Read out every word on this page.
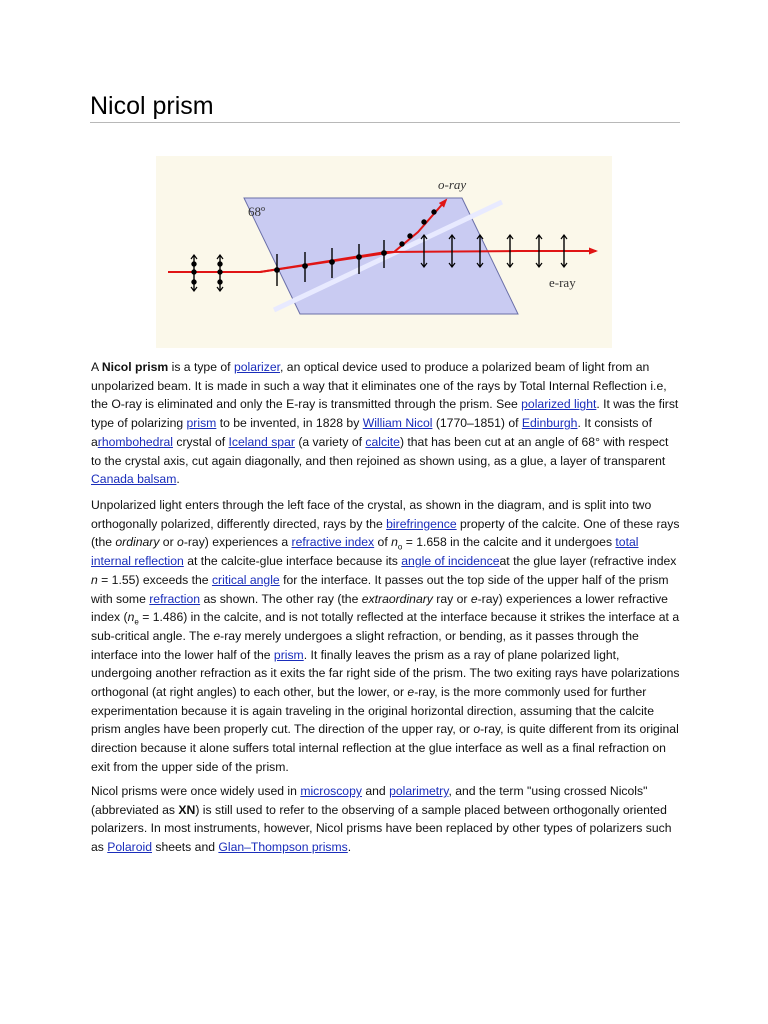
Nicol prism
68º
o-ray
e-ray

A Nicol prism is a type of polarizer, an optical device used to produce a polarized beam of light from an unpolarized beam. It is made in such a way that it eliminates one of the rays by Total Internal Reflection i.e, the O-ray is eliminated and only the E-ray is transmitted through the prism. See polarized light. It was the first type of polarizing prism to be invented, in 1828 by William Nicol (1770–1851) of Edinburgh. It consists of arhombohedral crystal of Iceland spar (a variety of calcite) that has been cut at an angle of 68° with respect to the crystal axis, cut again diagonally, and then rejoined as shown using, as a glue, a layer of transparent Canada balsam.

Unpolarized light enters through the left face of the crystal, as shown in the diagram, and is split into two orthogonally polarized, differently directed, rays by the birefringence property of the calcite. One of these rays (the ordinary or o-ray) experiences a refractive index of $n_o = 1.658$ in the calcite and it undergoes total internal reflection at the calcite-glue interface because its angle of incidenceat the glue layer (refractive index n = 1.55) exceeds the critical angle for the interface. It passes out the top side of the upper half of the prism with some refraction as shown. The other ray (the extraordinary ray or e-ray) experiences a lower refractive index $(n_e = 1.486)$ in the calcite, and is not totally reflected at the interface because it strikes the interface at a sub-critical angle. The e-ray merely undergoes a slight refraction, or bending, as it passes through the interface into the lower half of the prism. It finally leaves the prism as a ray of plane polarized light, undergoing another refraction as it exits the far right side of the prism. The two exiting rays have polarizations orthogonal (at right angles) to each other, but the lower, or e-ray, is the more commonly used for further experimentation because it is again traveling in the original horizontal direction, assuming that the calcite prism angles have been properly cut. The direction of the upper ray, or o-ray, is quite different from its original direction because it alone suffers total internal reflection at the glue interface as well as a final refraction on exit from the upper side of the prism.

Nicol prisms were once widely used in microscopy and polarimetry, and the term "using crossed Nicols" (abbreviated as XN) is still used to refer to the observing of a sample placed between orthogonally oriented polarizers. In most instruments, however, Nicol prisms have been replaced by other types of polarizers such as Polaroid sheets and Glan–Thompson prisms.
